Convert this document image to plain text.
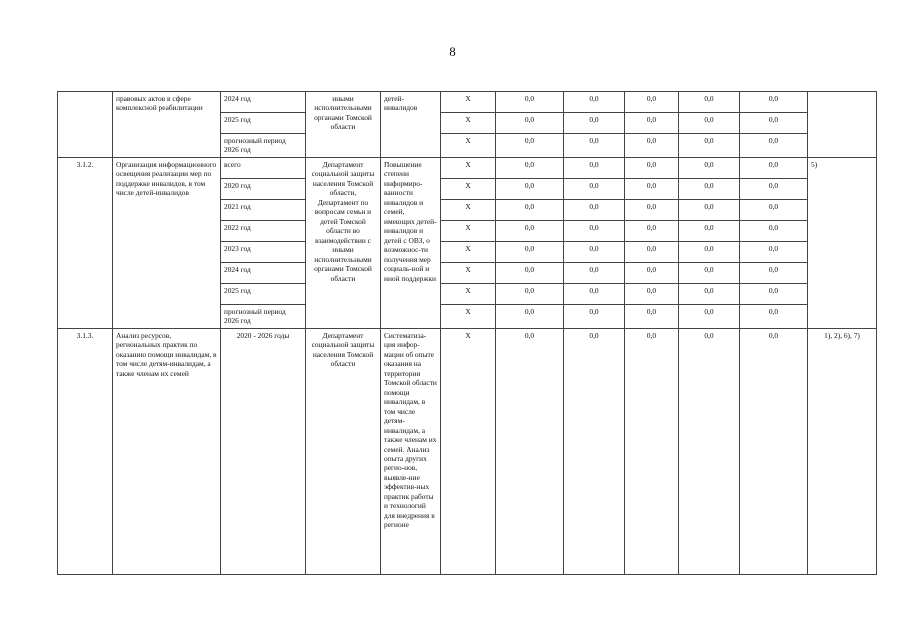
8
	правовых актов в сфере комплексной реабилитации	2024 год	иными исполнительными органами Томской области	детей-инвалидов	Х	0,0	0,0	0,0	0,0	0,0	
		2025 год			Х	0,0	0,0	0,0	0,0	0,0	
		прогнозный период 2026 год			Х	0,0	0,0	0,0	0,0	0,0	
3.1.2.	Организация информационного освещения реализации мер по поддержке инвалидов, в том числе детей-инвалидов	всего	Департамент социальной защиты населения Томской области, Департамент по вопросам семьи и детей Томской области во взаимодействии с иными исполнительными органами Томской области	Повышение степени информиро-ванности инвалидов и семей, имеющих детей-инвалидов и детей с ОВЗ, о возможнос-ти получения мер социаль-ной и иной поддержки	Х	0,0	0,0	0,0	0,0	0,0	5)
		2020 год			Х	0,0	0,0	0,0	0,0	0,0	
		2021 год			Х	0,0	0,0	0,0	0,0	0,0	
		2022 год			Х	0,0	0,0	0,0	0,0	0,0	
		2023 год			Х	0,0	0,0	0,0	0,0	0,0	
		2024 год			Х	0,0	0,0	0,0	0,0	0,0	
		2025 год			Х	0,0	0,0	0,0	0,0	0,0	
		прогнозный период 2026 год			Х	0,0	0,0	0,0	0,0	0,0	
3.1.3.	Анализ ресурсов, региональных практик по оказанию помощи инвалидам, в том числе детям-инвалидам, а также членам их семей	2020 - 2026 годы	Департамент социальной защиты населения Томской области	Систематиза-ция инфор-мации об опыте оказания на территории Томской области помощи инвалидам, в том числе детям-инвалидам, а также членам их семей. Анализ опыта других регио-нов, выявле-ние эффектив-ных практик работы и технологий для внедрения в регионе	Х	0,0	0,0	0,0	0,0	0,0	1), 2), 6), 7)
